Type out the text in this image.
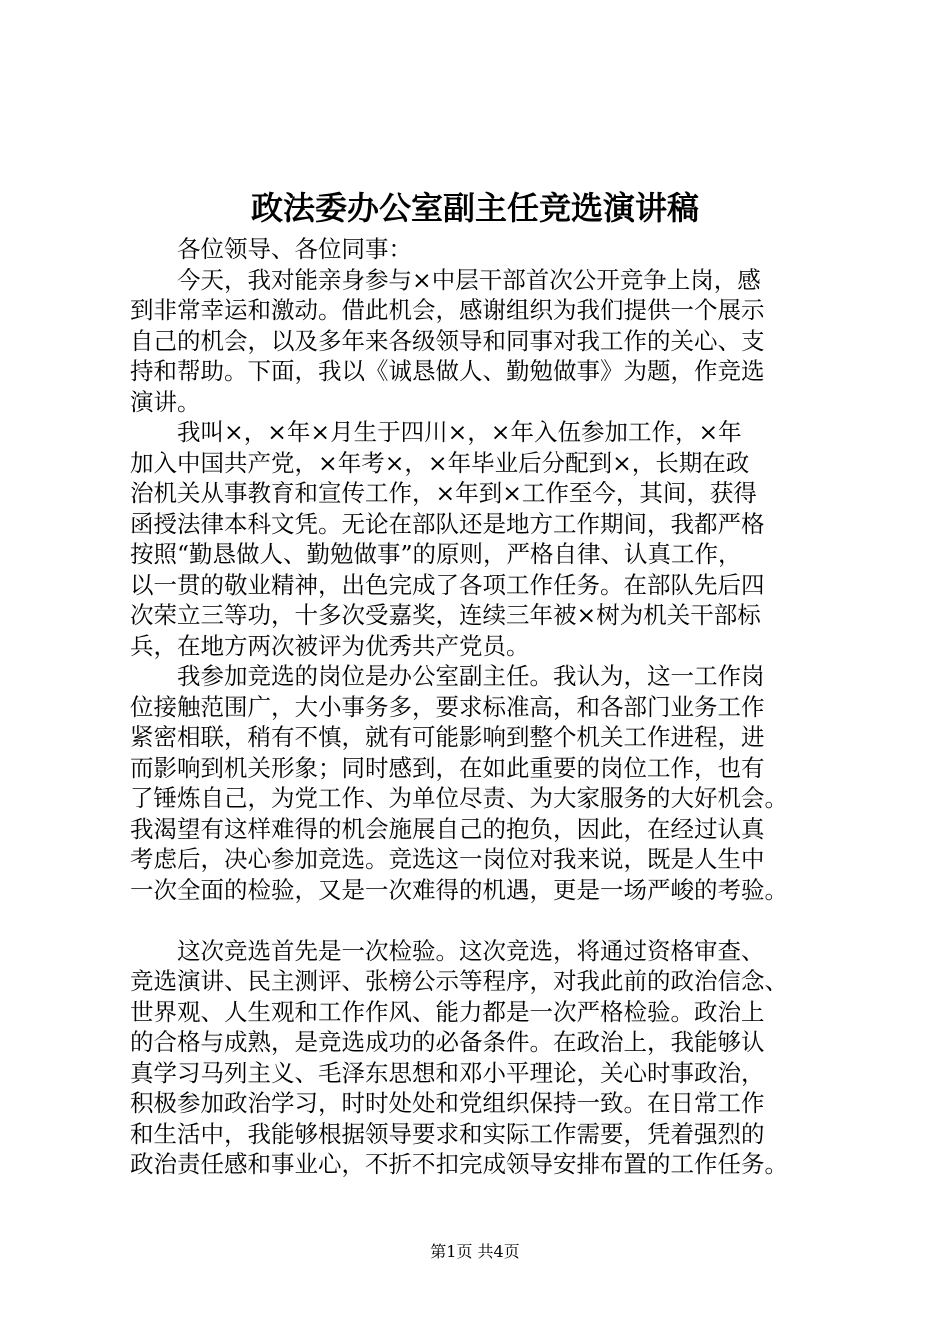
政法委办公室副主任竞选演讲稿
　　各位领导、各位同事：
　　今天，我对能亲身参与×中层干部首次公开竞争上岗，感
到非常幸运和激动。借此机会，感谢组织为我们提供一个展示
自己的机会，以及多年来各级领导和同事对我工作的关心、支
持和帮助。下面，我以《诚恳做人、勤勉做事》为题，作竞选
演讲。
　　我叫×，×年×月生于四川×，×年入伍参加工作，×年
加入中国共产党，×年考×，×年毕业后分配到×，长期在政
治机关从事教育和宣传工作，×年到×工作至今，其间，获得
函授法律本科文凭。无论在部队还是地方工作期间，我都严格
按照“勤恳做人、勤勉做事”的原则，严格自律、认真工作，
以一贯的敬业精神，出色完成了各项工作任务。在部队先后四
次荣立三等功，十多次受嘉奖，连续三年被×树为机关干部标
兵，在地方两次被评为优秀共产党员。
　　我参加竞选的岗位是办公室副主任。我认为，这一工作岗
位接触范围广，大小事务多，要求标准高，和各部门业务工作
紧密相联，稍有不慎，就有可能影响到整个机关工作进程，进
而影响到机关形象；同时感到，在如此重要的岗位工作，也有
了锤炼自己，为党工作、为单位尽责、为大家服务的大好机会。
我渴望有这样难得的机会施展自己的抱负，因此，在经过认真
考虑后，决心参加竞选。竞选这一岗位对我来说，既是人生中
一次全面的检验，又是一次难得的机遇，更是一场严峻的考验。
　　这次竞选首先是一次检验。这次竞选，将通过资格审查、
竞选演讲、民主测评、张榜公示等程序，对我此前的政治信念、
世界观、人生观和工作作风、能力都是一次严格检验。政治上
的合格与成熟，是竞选成功的必备条件。在政治上，我能够认
真学习马列主义、毛泽东思想和邓小平理论，关心时事政治，
积极参加政治学习，时时处处和党组织保持一致。在日常工作
和生活中，我能够根据领导要求和实际工作需要，凭着强烈的
政治责任感和事业心，不折不扣完成领导安排布置的工作任务。
第1页 共4页
